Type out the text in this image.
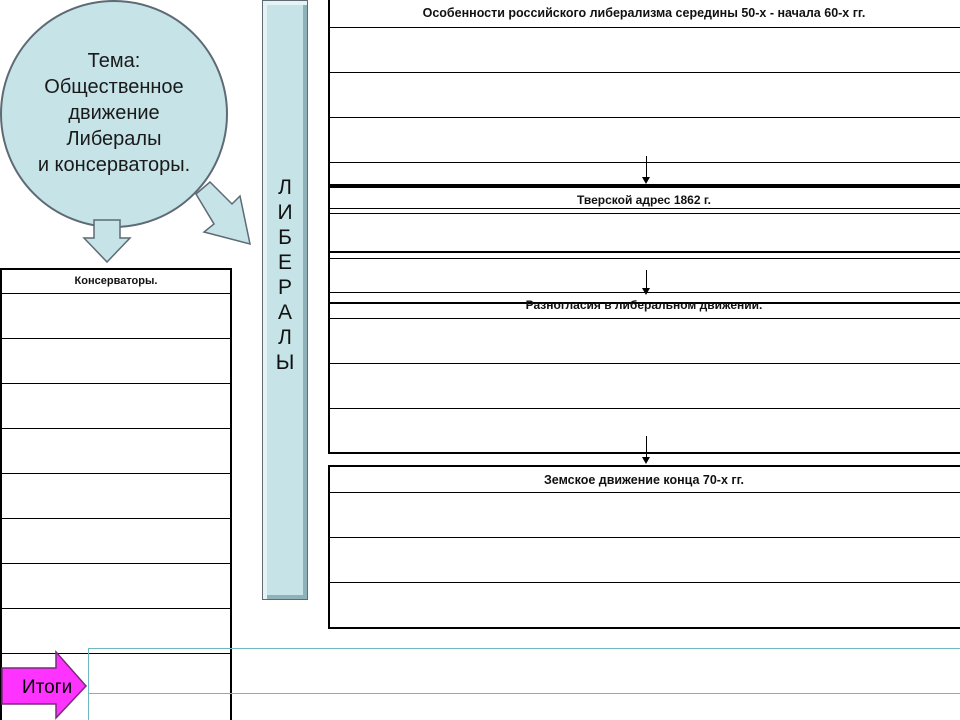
Тема:
Общественное
движение
Либералы
и консерваторы.
Л
И
Б
Е
Р
А
Л
Ы
Консерваторы.
Особенности российского либерализма середины 50-х - начала 60-х гг.
Тверской адрес 1862 г.
Разногласия в либеральном движении.
Земское движение конца 70-х гг.
Итоги
